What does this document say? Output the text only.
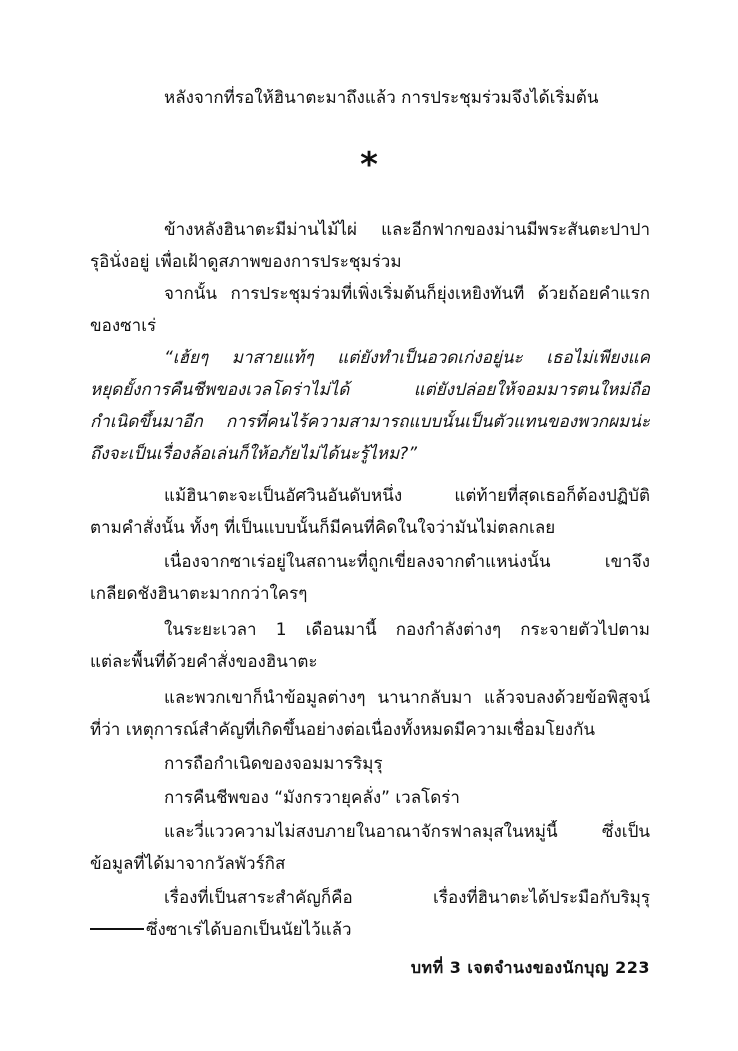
หลังจากที่รอให้ฮินาตะมาถึงแล้ว การประชุมร่วมจึงได้เริ่มต้น
*
ข้างหลังฮินาตะมีม่านไม้ไผ่ และอีกฟากของม่านมีพระสันตะปาปา
รุอินั่งอยู่ เพื่อเฝ้าดูสภาพของการประชุมร่วม
จากนั้น การประชุมร่วมที่เพิ่งเริ่มต้นก็ยุ่งเหยิงทันที ด้วยถ้อยคำแรก
ของซาเร่
“เฮ้ยๆ มาสายแท้ๆ แต่ยังทำเป็นอวดเก่งอยู่นะ เธอไม่เพียงแค่
หยุดยั้งการคืนชีพของเวลโดร่าไม่ได้ แต่ยังปล่อยให้จอมมารตนใหม่ถือ
กำเนิดขึ้นมาอีก การที่คนไร้ความสามารถแบบนั้นเป็นตัวแทนของพวกผมน่ะ
ถึงจะเป็นเรื่องล้อเล่นก็ให้อภัยไม่ได้นะรู้ไหม?”
แม้ฮินาตะจะเป็นอัศวินอันดับหนึ่ง แต่ท้ายที่สุดเธอก็ต้องปฏิบัติ
ตามคำสั่งนั้น ทั้งๆ ที่เป็นแบบนั้นก็มีคนที่คิดในใจว่ามันไม่ตลกเลย
เนื่องจากซาเร่อยู่ในสถานะที่ถูกเขี่ยลงจากตำแหน่งนั้น เขาจึง
เกลียดชังฮินาตะมากกว่าใครๆ
ในระยะเวลา 1 เดือนมานี้ กองกำลังต่างๆ กระจายตัวไปตาม
แต่ละพื้นที่ด้วยคำสั่งของฮินาตะ
และพวกเขาก็นำข้อมูลต่างๆ นานากลับมา แล้วจบลงด้วยข้อพิสูจน์
ที่ว่า เหตุการณ์สำคัญที่เกิดขึ้นอย่างต่อเนื่องทั้งหมดมีความเชื่อมโยงกัน
การถือกำเนิดของจอมมารริมุรุ
การคืนชีพของ “มังกรวายุคลั่ง” เวลโดร่า
และวี่แววความไม่สงบภายในอาณาจักรฟาลมุสในหมู่นี้ ซึ่งเป็น
ข้อมูลที่ได้มาจากวัลพัวร์กิส
เรื่องที่เป็นสาระสำคัญก็คือ เรื่องที่ฮินาตะได้ประมือกับริมุรุ
ซึ่งซาเร่ได้บอกเป็นนัยไว้แล้ว
บทที่ 3 เจตจำนงของนักบุญ 223
